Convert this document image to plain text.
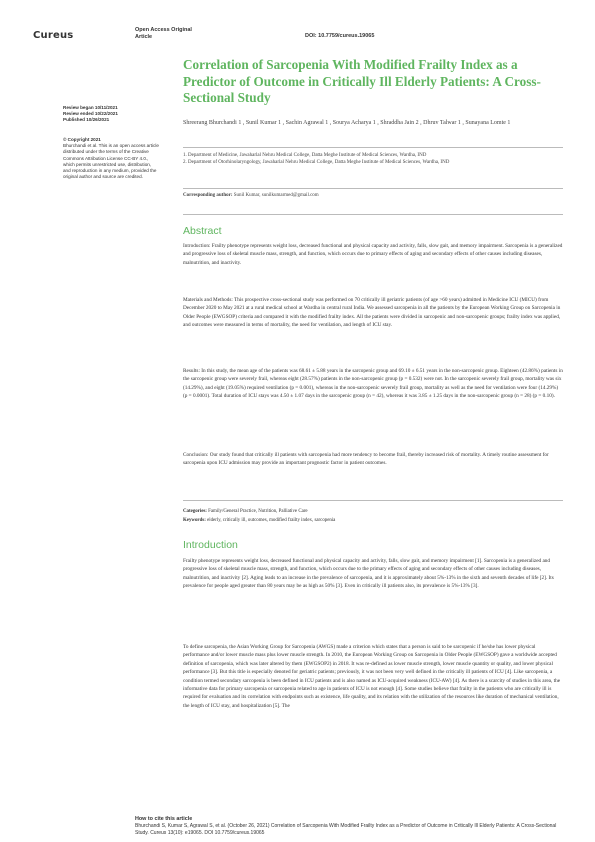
Cureus	Open Access Original
Article	DOI: 10.7759/cureus.19065
Review began 10/11/2021
Review ended 10/22/2021
Published 10/26/2021
© Copyright 2021
Bhurchandi et al. This is an open access article distributed under the terms of the Creative Commons Attribution License CC-BY 4.0., which permits unrestricted use, distribution, and reproduction in any medium, provided the original author and source are credited.
Correlation of Sarcopenia With Modified Frailty Index as a Predictor of Outcome in Critically Ill Elderly Patients: A Cross-Sectional Study
Shreerang Bhurchandi 1 , Sunil Kumar 1 , Sachin Agrawal 1 , Sourya Acharya 1 , Shraddha Jain 2 , Dhruv Talwar 1 , Sunayana Lomte 1
1. Department of Medicine, Jawaharlal Nehru Medical College, Datta Meghe Institute of Medical Sciences, Wardha, IND
2. Department of Otorhinolaryngology, Jawaharlal Nehru Medical College, Datta Meghe Institute of Medical Sciences, Wardha, IND
Corresponding author: Sunil Kumar, sunilkumarmed@gmail.com
Abstract

Introduction: Frailty phenotype represents weight loss, decreased functional and physical capacity and activity, falls, slow gait, and memory impairment. Sarcopenia is a generalized and progressive loss of skeletal muscle mass, strength, and function, which occurs due to primary effects of aging and secondary effects of other causes including diseases, malnutrition, and inactivity.

Materials and Methods: This prospective cross-sectional study was performed on 70 critically ill geriatric patients (of age >60 years) admitted in Medicine ICU (MICU) from December 2020 to May 2021 at a rural medical school at Wardha in central rural India. We assessed sarcopenia in all the patients by the European Working Group on Sarcopenia in Older People (EWGSOP) criteria and compared it with the modified frailty index. All the patients were divided in sarcopenic and non-sarcopenic groups; frailty index was applied, and outcomes were measured in terms of mortality, the need for ventilation, and length of ICU stay.

Results: In this study, the mean age of the patients was 68.61 ± 5.88 years in the sarcopenic group and 69.10 ± 6.51 years in the non-sarcopenic group. Eighteen (42.86%) patients in the sarcopenic group were severely frail, whereas eight (28.57%) patients in the non-sarcopenic group (p = 0.532) were not. In the sarcopenic severely frail group, mortality was six (14.29%), and eight (19.05%) required ventilation (p = 0.001), whereas in the non-sarcopenic severely frail group, mortality as well as the need for ventilation were four (14.29%) (p = 0.0001). Total duration of ICU stays was 4.50 ± 1.07 days in the sarcopenic group (n = 42), whereas it was 3.85 ± 1.25 days in the non-sarcopenic group (n = 28) (p = 0.10).

Conclusion: Our study found that critically ill patients with sarcopenia had more tendency to become frail, thereby increased risk of mortality. A timely routine assessment for sarcopenia upon ICU admission may provide an important prognostic factor in patient outcomes.

Categories: Family/General Practice, Nutrition, Palliative Care
Keywords: elderly, critically ill, outcomes, modified frailty index, sarcopenia
Introduction

Frailty phenotype represents weight loss, decreased functional and physical capacity and activity, falls, slow gait, and memory impairment [1]. Sarcopenia is a generalized and progressive loss of skeletal muscle mass, strength, and function, which occurs due to the primary effects of aging and secondary effects of other causes including diseases, malnutrition, and inactivity [2]. Aging leads to an increase in the prevalence of sarcopenia, and it is approximately about 5%-13% in the sixth and seventh decades of life [2]. Its prevalence for people aged greater than 80 years may be as high as 50% [3]. Even in critically ill patients also, its prevalence is 5%-13% [3].

To define sarcopenia, the Asian Working Group for Sarcopenia (AWGS) made a criterion which states that a person is said to be sarcopenic if he/she has lower physical performance and/or lower muscle mass plus lower muscle strength. In 2010, the European Working Group on Sarcopenia in Older People (EWGSOP) gave a worldwide accepted definition of sarcopenia, which was later altered by them (EWGSOP2) in 2018. It was re-defined as lower muscle strength, lower muscle quantity or quality, and lower physical performance [3]. But this title is especially denoted for geriatric patients; previously, it was not been very well defined in the critically ill patients of ICU [4]. Like sarcopenia, a condition termed secondary sarcopenia is been defined in ICU patients and is also named as ICU-acquired weakness (ICU-AW) [4]. As there is a scarcity of studies in this area, the informative data for primary sarcopenia or sarcopenia related to age in patients of ICU is not enough [4]. Some studies believe that frailty in the patients who are critically ill is required for evaluation and its correlation with endpoints such as existence, life quality, and its relation with the utilization of the resources like duration of mechanical ventilation, the length of ICU stay, and hospitalization [5]. The

How to cite this article
Bhurchandi S, Kumar S, Agrawal S, et al. (October 26, 2021) Correlation of Sarcopenia With Modified Frailty Index as a Predictor of Outcome in Critically Ill Elderly Patients: A Cross-Sectional Study. Cureus 13(10): e19065. DOI 10.7759/cureus.19065
